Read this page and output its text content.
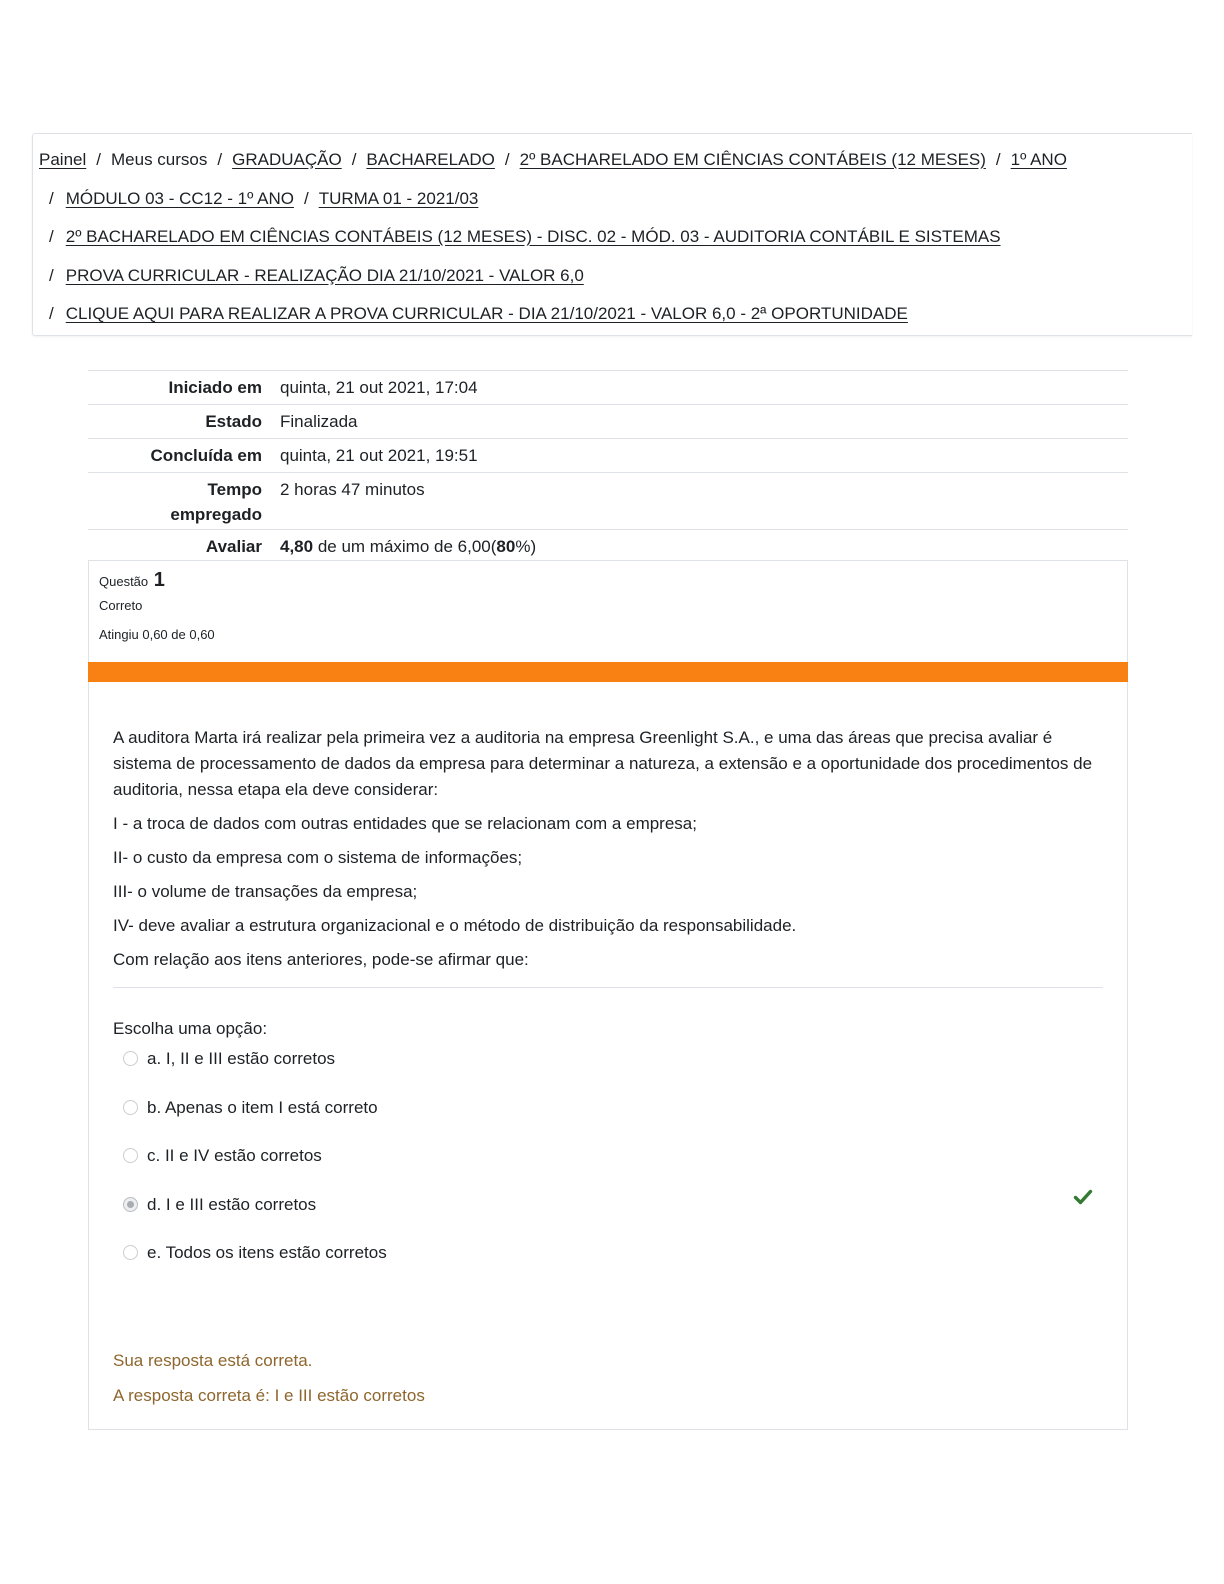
Painel / Meus cursos / GRADUAÇÃO / BACHARELADO / 2º BACHARELADO EM CIÊNCIAS CONTÁBEIS (12 MESES) / 1º ANO
/ MÓDULO 03 - CC12 - 1º ANO / TURMA 01 - 2021/03
/ 2º BACHARELADO EM CIÊNCIAS CONTÁBEIS (12 MESES) - DISC. 02 - MÓD. 03 - AUDITORIA CONTÁBIL E SISTEMAS
/ PROVA CURRICULAR - REALIZAÇÃO DIA 21/10/2021 - VALOR 6,0
/ CLIQUE AQUI PARA REALIZAR A PROVA CURRICULAR - DIA 21/10/2021 - VALOR 6,0 - 2ª OPORTUNIDADE
Iniciado em	quinta, 21 out 2021, 17:04
Estado	Finalizada
Concluída em	quinta, 21 out 2021, 19:51
Tempo
empregado	2 horas 47 minutos
Avaliar	4,80 de um máximo de 6,00(80%)
Questão 1
Correto
Atingiu 0,60 de 0,60

A auditora Marta irá realizar pela primeira vez a auditoria na empresa Greenlight S.A., e uma das áreas que precisa avaliar é sistema de processamento de dados da empresa para determinar a natureza, a extensão e a oportunidade dos procedimentos de auditoria, nessa etapa ela deve considerar:

I - a troca de dados com outras entidades que se relacionam com a empresa;

II- o custo da empresa com o sistema de informações;

III- o volume de transações da empresa;

IV- deve avaliar a estrutura organizacional e o método de distribuição da responsabilidade.

Com relação aos itens anteriores, pode-se afirmar que:

Escolha uma opção:
a. I, II e III estão corretos
b. Apenas o item I está correto
c. II e IV estão corretos
d. I e III estão corretos
e. Todos os itens estão corretos

Sua resposta está correta.

A resposta correta é: I e III estão corretos
